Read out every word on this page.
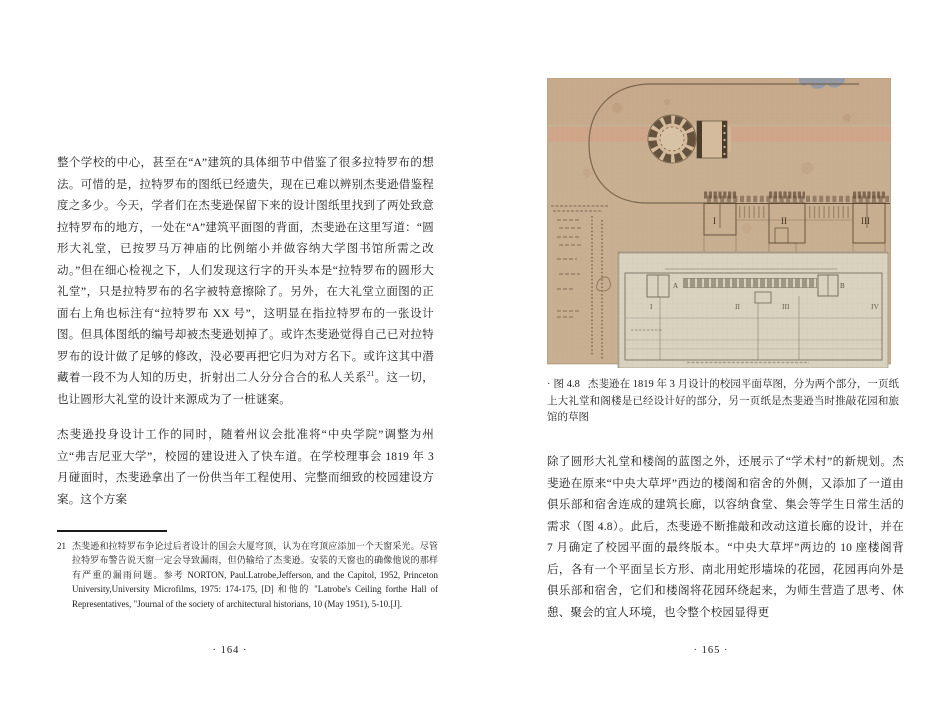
整个学校的中心，甚至在“A”建筑的具体细节中借鉴了很多拉特罗布的想法。可惜的是，拉特罗布的图纸已经遗失，现在已难以辨别杰斐逊借鉴程度之多少。今天，学者们在杰斐逊保留下来的设计图纸里找到了两处致意拉特罗布的地方，一处在“A”建筑平面图的背面，杰斐逊在这里写道：“圆形大礼堂，已按罗马万神庙的比例缩小并做容纳大学图书馆所需之改动。”但在细心检视之下，人们发现这行字的开头本是“拉特罗布的圆形大礼堂”，只是拉特罗布的名字被特意擦除了。另外，在大礼堂立面图的正面右上角也标注有“拉特罗布 XX 号”，这明显在指拉特罗布的一张设计图。但具体图纸的编号却被杰斐逊划掉了。或许杰斐逊觉得自己已对拉特罗布的设计做了足够的修改，没必要再把它归为对方名下。或许这其中潜藏着一段不为人知的历史，折射出二人分分合合的私人关系$^{21}$。这一切，也让圆形大礼堂的设计来源成为了一桩谜案。

杰斐逊投身设计工作的同时，随着州议会批准将“中央学院”调整为州立“弗吉尼亚大学”，校园的建设进入了快车道。在学校理事会 1819 年 3 月碰面时，杰斐逊拿出了一份供当年工程使用、完整而细致的校园建设方案。这个方案

21 杰斐逊和拉特罗布争论过后者设计的国会大厦穹顶，认为在穹顶应添加一个天窗采光。尽管拉特罗布警告说天窗一定会导致漏雨，但仍输给了杰斐逊。安装的天窗也的确像他说的那样有严重的漏雨问题。参考 NORTON, Paul.Latrobe,Jefferson, and the Capitol, 1952, Princeton University,University Microfilms, 1975: 174-175, [D] 和他的 "Latrobe's Ceiling forthe Hall of Representatives, "Journal of the society of architectural historians, 10 (May 1951), 5-10.[J].
· 164 ·
I	II	III
A	B
I	II	III	IV
· 图 4.8 杰斐逊在 1819 年 3 月设计的校园平面草图，分为两个部分，一页纸上大礼堂和阁楼是已经设计好的部分，另一页纸是杰斐逊当时推敲花园和旅馆的草图

除了圆形大礼堂和楼阁的蓝图之外，还展示了“学术村”的新规划。杰斐逊在原来“中央大草坪”西边的楼阁和宿舍的外侧，又添加了一道由俱乐部和宿舍连成的建筑长廊，以容纳食堂、集会等学生日常生活的需求（图 4.8）。此后，杰斐逊不断推敲和改动这道长廊的设计，并在 7 月确定了校园平面的最终版本。“中央大草坪”两边的 10 座楼阁背后，各有一个平面呈长方形、南北用蛇形墙垛的花园，花园再向外是俱乐部和宿舍，它们和楼阁将花园环绕起来，为师生营造了思考、休憩、聚会的宜人环境，也令整个校园显得更

· 165 ·
